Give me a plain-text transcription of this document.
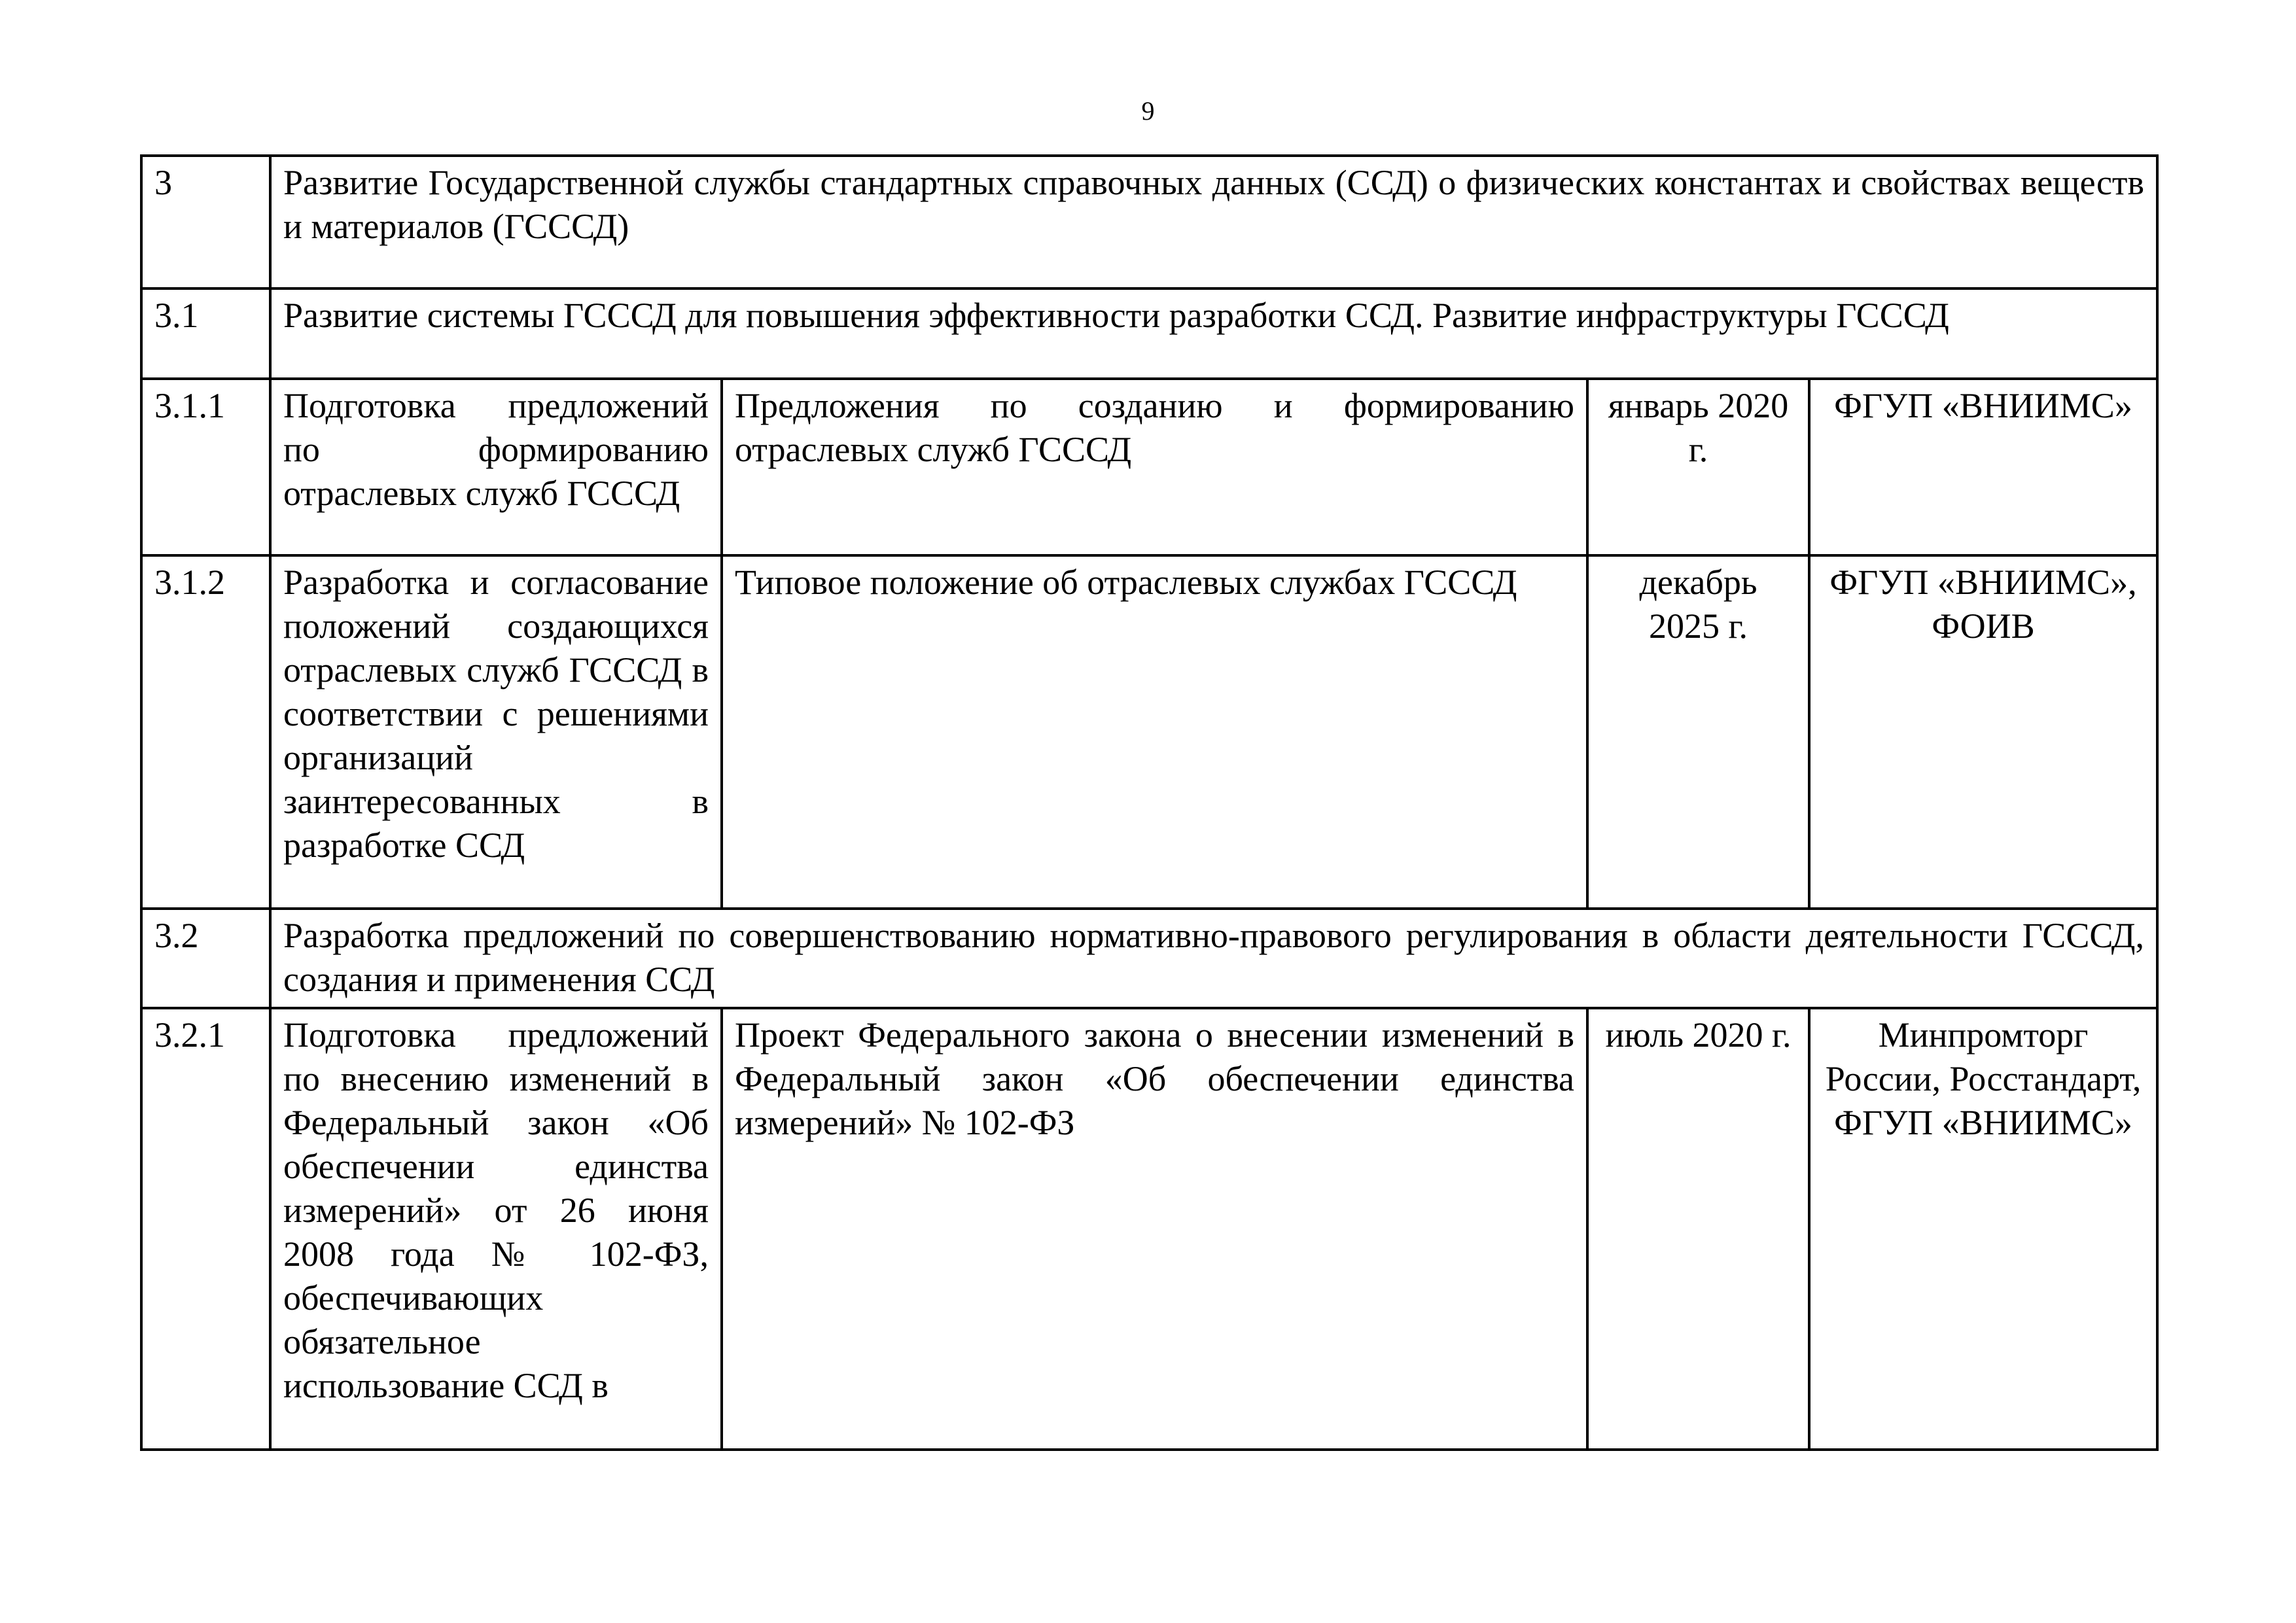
9
3	Развитие Государственной службы стандартных справочных данных (ССД) о физических константах и свойствах веществ и материалов (ГСССД)			
3.1	Развитие системы ГСССД для повышения эффективности разработки ССД. Развитие инфраструктуры ГСССД			
3.1.1	Подготовка предложений по формированию отраслевых служб ГСССД	Предложения по созданию и формированию отраслевых служб ГСССД	январь 2020 г.	ФГУП «ВНИИМС»
3.1.2	Разработка и согласование положений создающихся отраслевых служб ГСССД в соответствии с решениями организаций заинтересованных в разработке ССД	Типовое положение об отраслевых службах ГСССД	декабрь 2025 г.	ФГУП «ВНИИМС», ФОИВ
3.2	Разработка предложений по совершенствованию нормативно-правового регулирования в области деятельности ГСССД, создания и применения ССД			
3.2.1	Подготовка предложений по внесению изменений в Федеральный закон «Об обеспечении единства измерений» от 26 июня 2008 года № 102-ФЗ, обеспечивающих обязательное использование ССД в	Проект Федерального закона о внесении изменений в Федеральный закон «Об обеспечении единства измерений» № 102-ФЗ	июль 2020 г.	Минпромторг России, Росстандарт, ФГУП «ВНИИМС»
